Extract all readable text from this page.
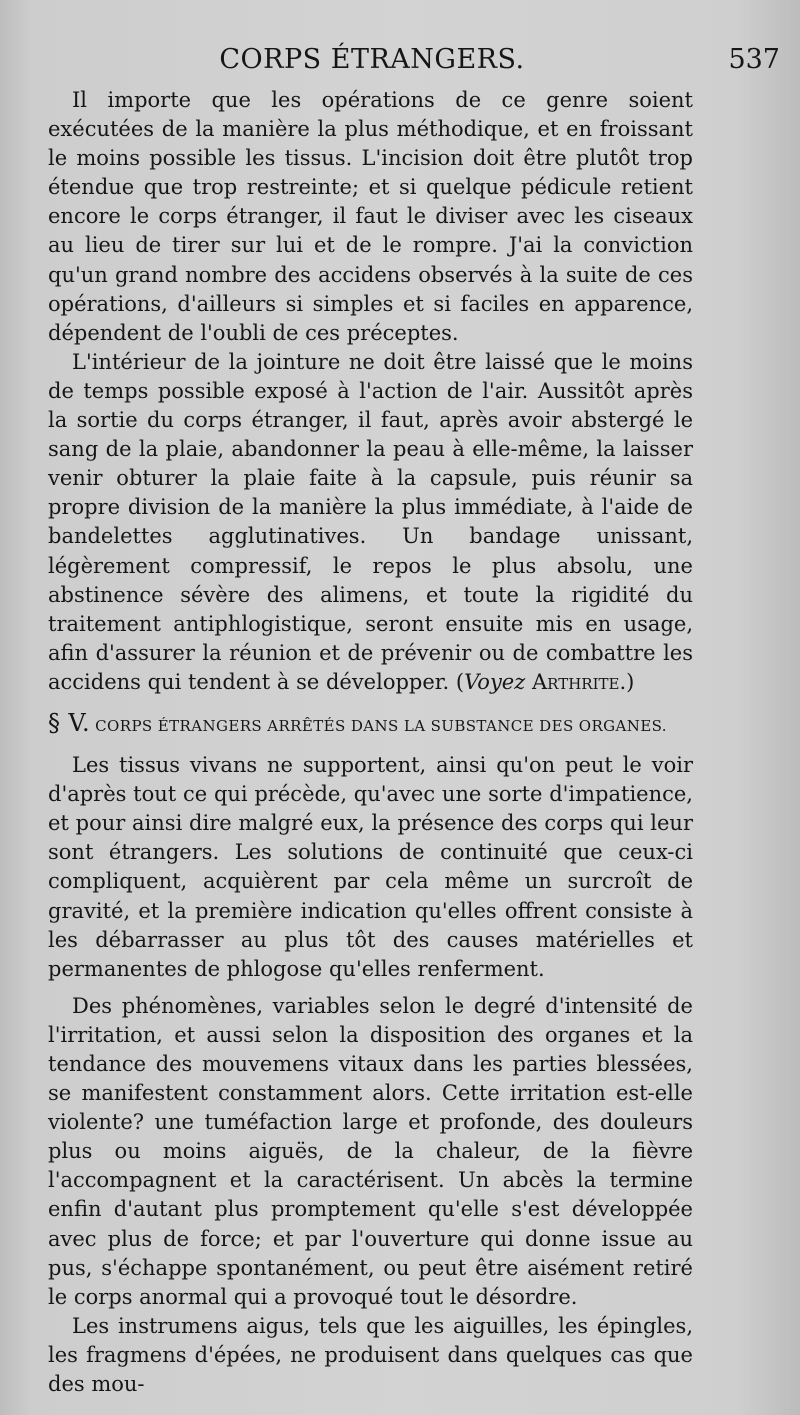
CORPS ÉTRANGERS.	537

Il importe que les opérations de ce genre soient exécutées de la manière la plus méthodique, et en froissant le moins possible les tissus. L'incision doit être plutôt trop étendue que trop restreinte; et si quelque pédicule retient encore le corps étranger, il faut le diviser avec les ciseaux au lieu de tirer sur lui et de le rompre. J'ai la conviction qu'un grand nombre des accidens observés à la suite de ces opérations, d'ailleurs si simples et si faciles en apparence, dépendent de l'oubli de ces préceptes.

L'intérieur de la jointure ne doit être laissé que le moins de temps possible exposé à l'action de l'air. Aussitôt après la sortie du corps étranger, il faut, après avoir abstergé le sang de la plaie, abandonner la peau à elle-même, la laisser venir obturer la plaie faite à la capsule, puis réunir sa propre division de la manière la plus immédiate, à l'aide de bandelettes agglutinatives. Un bandage unissant, légèrement compressif, le repos le plus absolu, une abstinence sévère des alimens, et toute la rigidité du traitement antiphlogistique, seront ensuite mis en usage, afin d'assurer la réunion et de prévenir ou de combattre les accidens qui tendent à se développer. (Voyez Arthrite.)

§ V. CORPS ÉTRANGERS ARRÊTÉS DANS LA SUBSTANCE DES ORGANES.

Les tissus vivans ne supportent, ainsi qu'on peut le voir d'après tout ce qui précède, qu'avec une sorte d'impatience, et pour ainsi dire malgré eux, la présence des corps qui leur sont étrangers. Les solutions de continuité que ceux-ci compliquent, acquièrent par cela même un surcroît de gravité, et la première indication qu'elles offrent consiste à les débarrasser au plus tôt des causes matérielles et permanentes de phlogose qu'elles renferment.

Des phénomènes, variables selon le degré d'intensité de l'irritation, et aussi selon la disposition des organes et la tendance des mouvemens vitaux dans les parties blessées, se manifestent constamment alors. Cette irritation est-elle violente? une tuméfaction large et profonde, des douleurs plus ou moins aiguës, de la chaleur, de la fièvre l'accompagnent et la caractérisent. Un abcès la termine enfin d'autant plus promptement qu'elle s'est développée avec plus de force; et par l'ouverture qui donne issue au pus, s'échappe spontanément, ou peut être aisément retiré le corps anormal qui a provoqué tout le désordre.

Les instrumens aigus, tels que les aiguilles, les épingles, les fragmens d'épées, ne produisent dans quelques cas que des mou-
